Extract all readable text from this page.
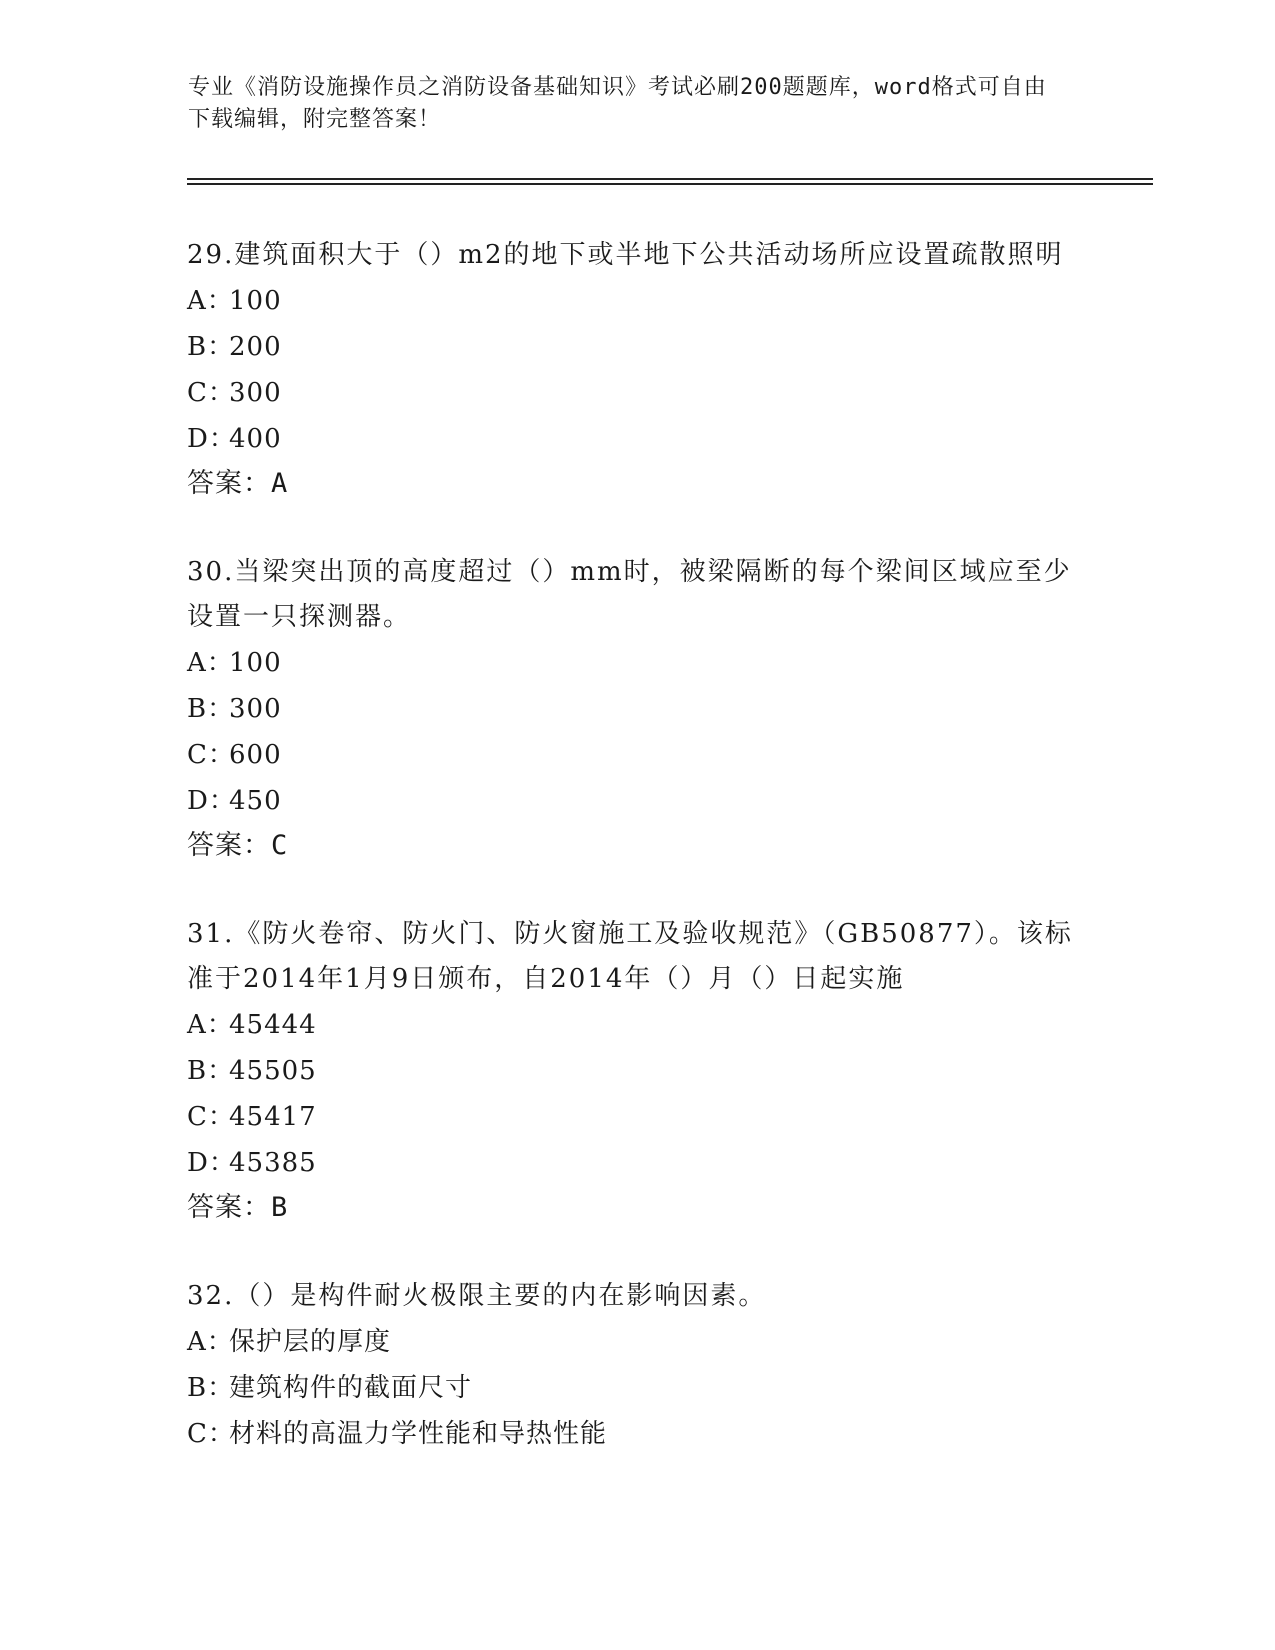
专业《消防设施操作员之消防设备基础知识》考试必刷200题题库，word格式可自由下载编辑，附完整答案！
29.建筑面积大于（）m2的地下或半地下公共活动场所应设置疏散照明
A：100
B：200
C：300
D：400
答案：A
30.当梁突出顶的高度超过（）mm时，被梁隔断的每个梁间区域应至少设置一只探测器。
A：100
B：300
C：600
D：450
答案：C
31.《防火卷帘、防火门、防火窗施工及验收规范》（GB50877）。该标准于2014年1月9日颁布，自2014年（）月（）日起实施
A：45444
B：45505
C：45417
D：45385
答案：B
32.（）是构件耐火极限主要的内在影响因素。
A：保护层的厚度
B：建筑构件的截面尺寸
C：材料的高温力学性能和导热性能
